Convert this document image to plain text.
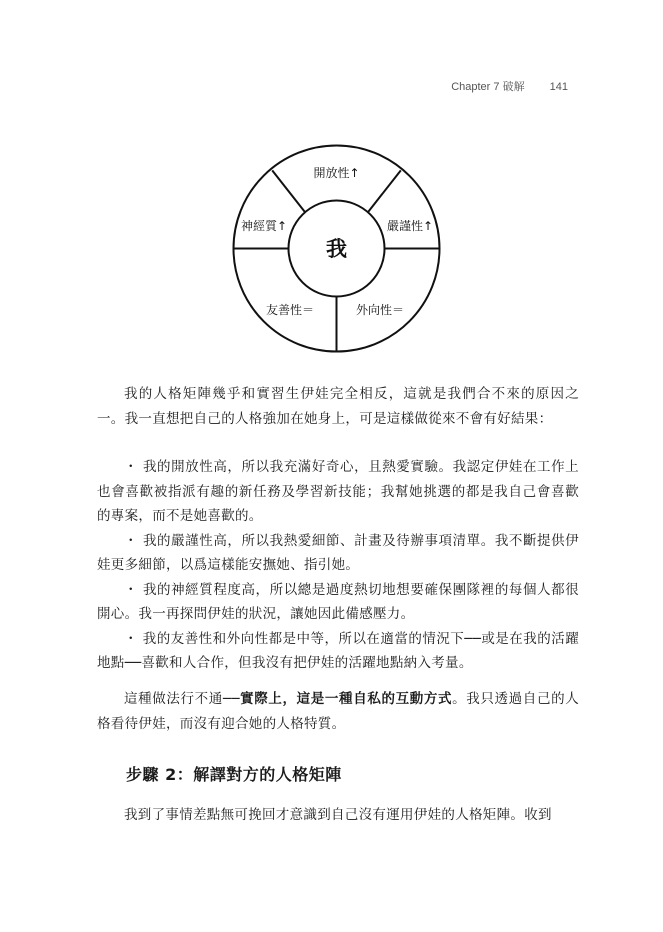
Chapter 7 破解 141
開放性↑
嚴謹性↑
神經質↑
友善性＝	外向性＝
我

我的人格矩陣幾乎和實習生伊娃完全相反，這就是我們合不來的原因之一。我一直想把自己的人格強加在她身上，可是這樣做從來不會有好結果：

・ 我的開放性高，所以我充滿好奇心，且熱愛實驗。我認定伊娃在工作上也會喜歡被指派有趣的新任務及學習新技能；我幫她挑選的都是我自己會喜歡的專案，而不是她喜歡的。

・ 我的嚴謹性高，所以我熱愛細節、計畫及待辦事項清單。我不斷提供伊娃更多細節，以爲這樣能安撫她、指引她。

・ 我的神經質程度高，所以總是過度熱切地想要確保團隊裡的每個人都很開心。我一再探問伊娃的狀況，讓她因此備感壓力。

・ 我的友善性和外向性都是中等，所以在適當的情況下──或是在我的活躍地點──喜歡和人合作，但我沒有把伊娃的活躍地點納入考量。

這種做法行不通──實際上，這是一種自私的互動方式。我只透過自己的人格看待伊娃，而沒有迎合她的人格特質。

步驟 2：解譯對方的人格矩陣

我到了事情差點無可挽回才意識到自己沒有運用伊娃的人格矩陣。收到
